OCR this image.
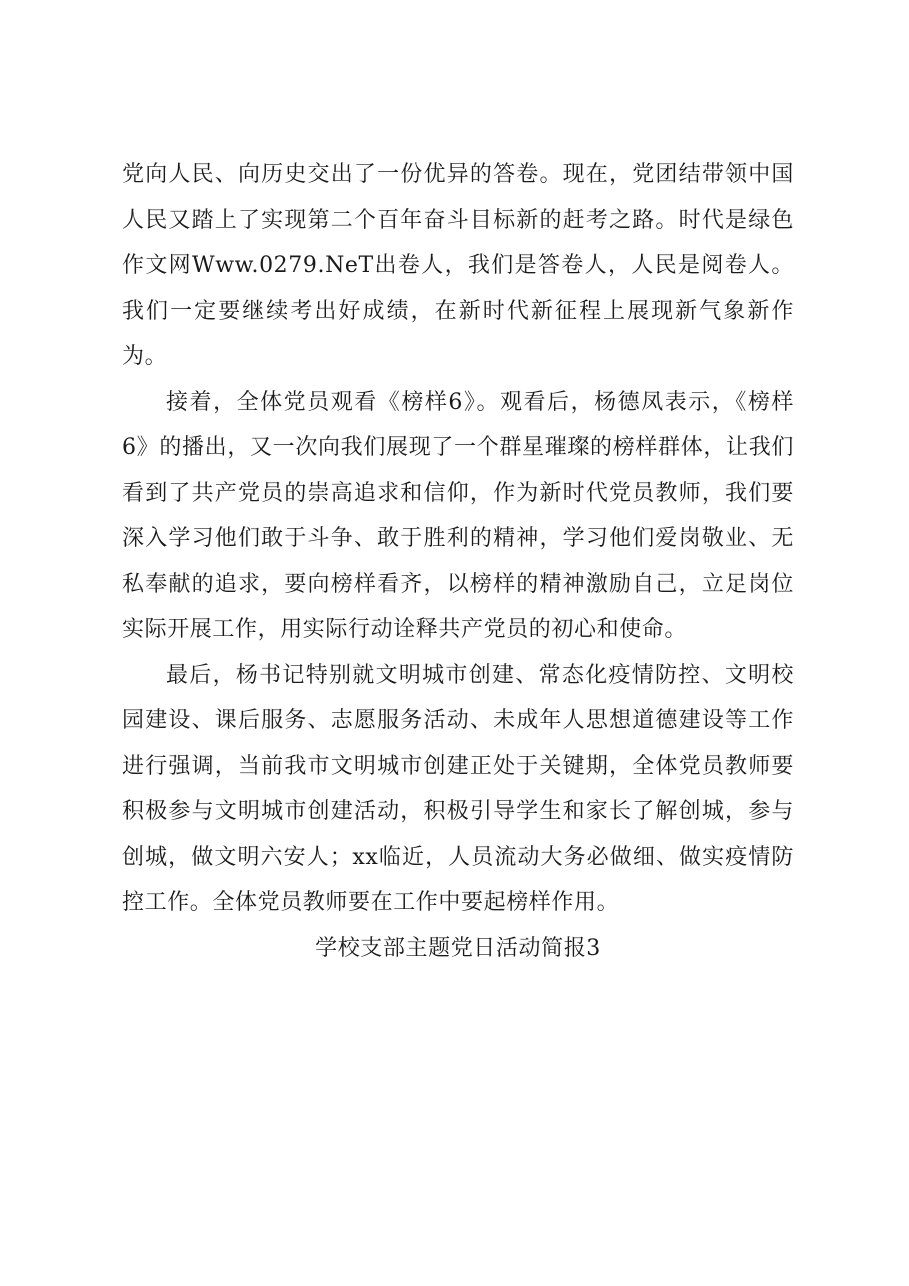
党向人民、向历史交出了一份优异的答卷。现在，党团结带领中国人民又踏上了实现第二个百年奋斗目标新的赶考之路。时代是绿色作文网Www.0279.NeT出卷人，我们是答卷人，人民是阅卷人。我们一定要继续考出好成绩，在新时代新征程上展现新气象新作为。

接着，全体党员观看《榜样6》。观看后，杨德凤表示，《榜样6》的播出，又一次向我们展现了一个群星璀璨的榜样群体，让我们看到了共产党员的崇高追求和信仰，作为新时代党员教师，我们要深入学习他们敢于斗争、敢于胜利的精神，学习他们爱岗敬业、无私奉献的追求，要向榜样看齐，以榜样的精神激励自己，立足岗位实际开展工作，用实际行动诠释共产党员的初心和使命。

最后，杨书记特别就文明城市创建、常态化疫情防控、文明校园建设、课后服务、志愿服务活动、未成年人思想道德建设等工作进行强调，当前我市文明城市创建正处于关键期，全体党员教师要积极参与文明城市创建活动，积极引导学生和家长了解创城，参与创城，做文明六安人；xx临近，人员流动大务必做细、做实疫情防控工作。全体党员教师要在工作中要起榜样作用。

学校支部主题党日活动简报3
